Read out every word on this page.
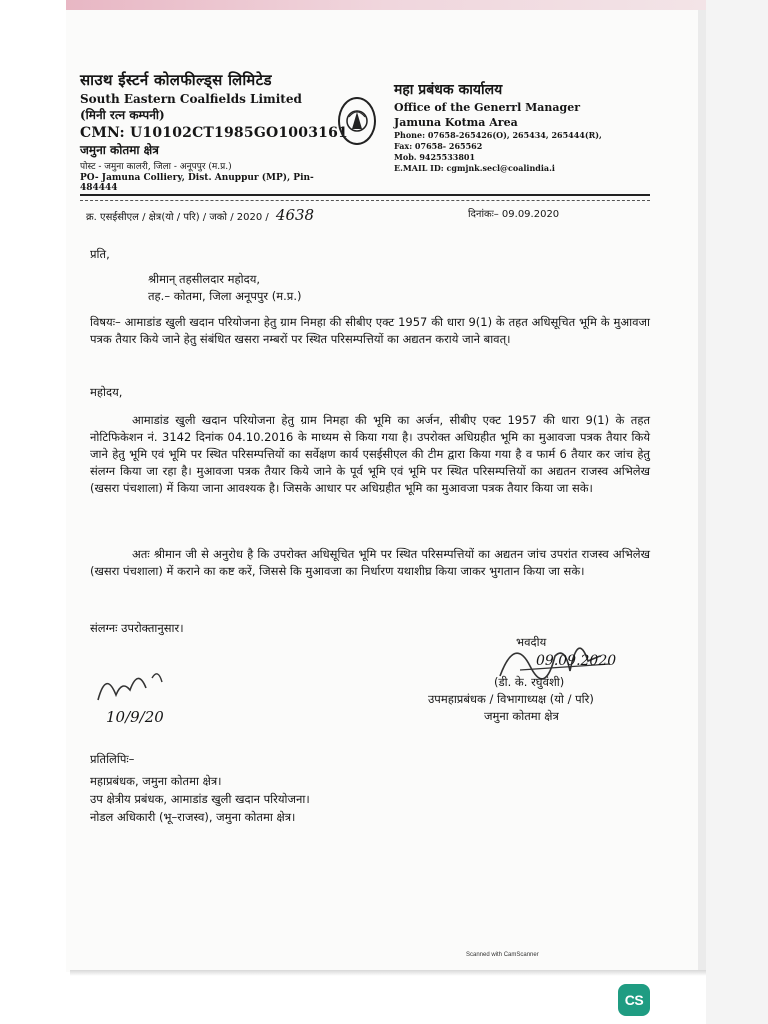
साउथ ईस्टर्न कोलफील्ड्स लिमिटेड
South Eastern Coalfields Limited
(मिनी रत्न कम्पनी)
CMN: U10102CT1985GO1003161
जमुना कोतमा क्षेत्र
पोस्ट - जमुना कालरी, जिला - अनूपपुर (म.प्र.)
PO- Jamuna Colliery, Dist. Anuppur (MP), Pin- 484444
महा प्रबंधक कार्यालय
Office of the Generrl Manager
Jamuna Kotma Area
Phone: 07658-265426(O), 265434, 265444(R),
Fax: 07658- 265562
Mob. 9425533801
E.MAIL ID: cgmjnk.secl@coalindia.i
क्र. एसईसीएल / क्षेत्र(यो / परि) / जको / 2020 / 4638	दिनांकः– 09.09.2020
प्रति,
श्रीमान् तहसीलदार महोदय,
तह.– कोतमा, जिला अनूपपुर (म.प्र.)
विषयः– आमाडांड खुली खदान परियोजना हेतु ग्राम निमहा की सीबीए एक्ट 1957 की धारा 9(1) के तहत अधिसूचित भूमि के मुआवजा पत्रक तैयार किये जाने हेतु संबंधित खसरा नम्बरों पर स्थित परिसम्पत्तियों का अद्यतन कराये जाने बावत्।
महोदय,
आमाडांड खुली खदान परियोजना हेतु ग्राम निमहा की भूमि का अर्जन, सीबीए एक्ट 1957 की धारा 9(1) के तहत नोटिफिकेशन नं. 3142 दिनांक 04.10.2016 के माध्यम से किया गया है। उपरोक्त अधिग्रहीत भूमि का मुआवजा पत्रक तैयार किये जाने हेतु भूमि एवं भूमि पर स्थित परिसम्पत्तियों का सर्वेक्षण कार्य एसईसीएल की टीम द्वारा किया गया है व फार्म 6 तैयार कर जांच हेतु संलग्न किया जा रहा है। मुआवजा पत्रक तैयार किये जाने के पूर्व भूमि एवं भूमि पर स्थित परिसम्पत्तियों का अद्यतन राजस्व अभिलेख (खसरा पंचशाला) में किया जाना आवश्यक है। जिसके आधार पर अधिग्रहीत भूमि का मुआवजा पत्रक तैयार किया जा सके।
अतः श्रीमान जी से अनुरोध है कि उपरोक्त अधिसूचित भूमि पर स्थित परिसम्पत्तियों का अद्यतन जांच उपरांत राजस्व अभिलेख (खसरा पंचशाला) में कराने का कष्ट करें, जिससे कि मुआवजा का निर्धारण यथाशीघ्र किया जाकर भुगतान किया जा सके।
संलग्नः उपरोक्तानुसार।
भवदीय
09.09.2020
(डी. के. रघुवंशी)
उपमहाप्रबंधक / विभागाध्यक्ष (यो / परि)
जमुना कोतमा क्षेत्र
10/9/20
प्रतिलिपिः–
महाप्रबंधक, जमुना कोतमा क्षेत्र।
उप क्षेत्रीय प्रबंधक, आमाडांड खुली खदान परियोजना।
नोडल अधिकारी (भू–राजस्व), जमुना कोतमा क्षेत्र।
Scanned with CamScanner
CS
